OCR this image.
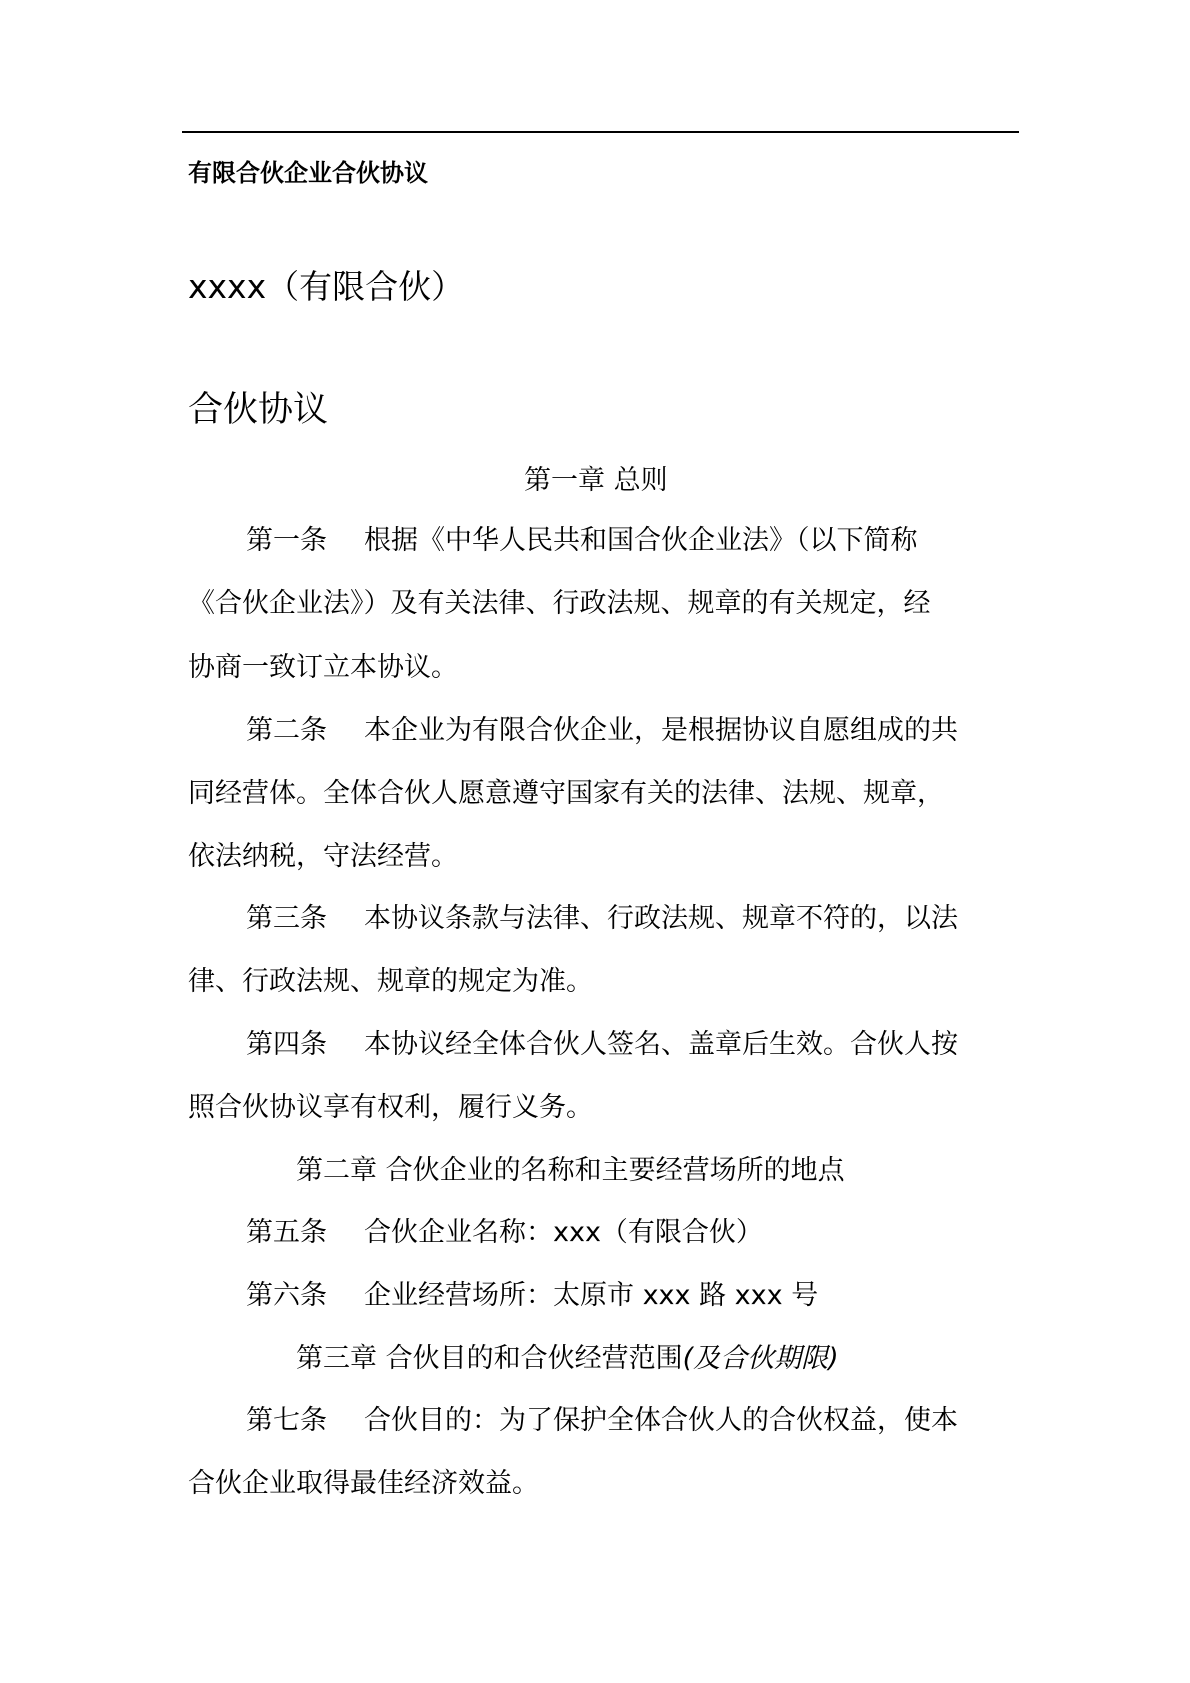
有限合伙企业合伙协议
xxxx（有限合伙）
合伙协议
第一章 总则
第一条 根据《中华人民共和国合伙企业法》（以下简称
《合伙企业法》）及有关法律、行政法规、规章的有关规定，经
协商一致订立本协议。
第二条 本企业为有限合伙企业，是根据协议自愿组成的共
同经营体。全体合伙人愿意遵守国家有关的法律、法规、规章，
依法纳税，守法经营。
第三条 本协议条款与法律、行政法规、规章不符的，以法
律、行政法规、规章的规定为准。
第四条 本协议经全体合伙人签名、盖章后生效。合伙人按
照合伙协议享有权利，履行义务。
第二章 合伙企业的名称和主要经营场所的地点
第五条 合伙企业名称：xxx（有限合伙）
第六条 企业经营场所：太原市 xxx 路 xxx 号
第三章 合伙目的和合伙经营范围(及合伙期限)
第七条 合伙目的：为了保护全体合伙人的合伙权益，使本
合伙企业取得最佳经济效益。
